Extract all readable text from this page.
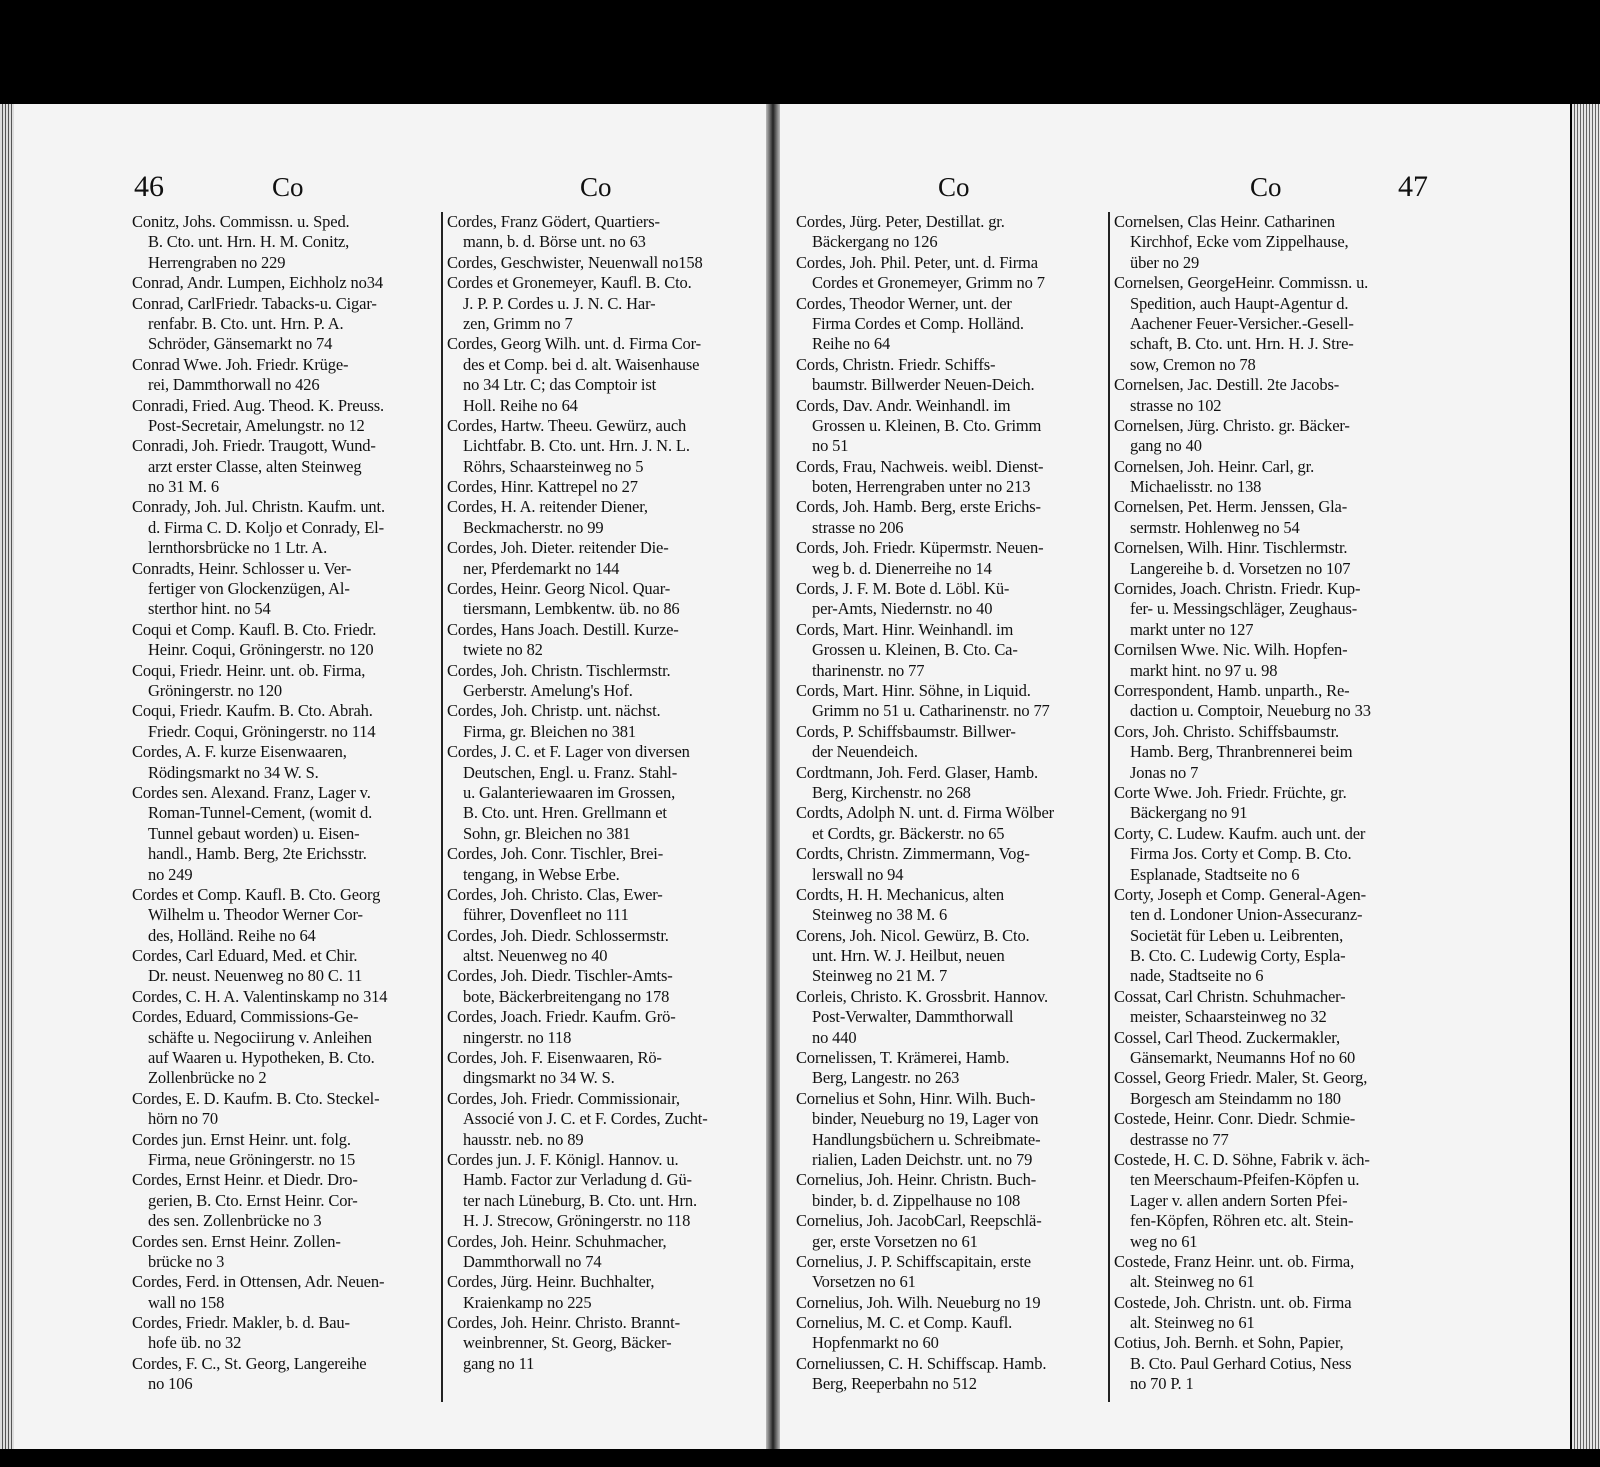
46	Co	Co	Co	Co	47
Conitz, Johs. Commissn. u. Sped.
B. Cto. unt. Hrn. H. M. Conitz,
Herrengraben no 229
Conrad, Andr. Lumpen, Eichholz no34
Conrad, CarlFriedr. Tabacks-u. Cigar-
renfabr. B. Cto. unt. Hrn. P. A.
Schröder, Gänsemarkt no 74
Conrad Wwe. Joh. Friedr. Krüge-
rei, Dammthorwall no 426
Conradi, Fried. Aug. Theod. K. Preuss.
Post-Secretair, Amelungstr. no 12
Conradi, Joh. Friedr. Traugott, Wund-
arzt erster Classe, alten Steinweg
no 31 M. 6
Conrady, Joh. Jul. Christn. Kaufm. unt.
d. Firma C. D. Koljo et Conrady, El-
lernthorsbrücke no 1 Ltr. A.
Conradts, Heinr. Schlosser u. Ver-
fertiger von Glockenzügen, Al-
sterthor hint. no 54
Coqui et Comp. Kaufl. B. Cto. Friedr.
Heinr. Coqui, Gröningerstr. no 120
Coqui, Friedr. Heinr. unt. ob. Firma,
Gröningerstr. no 120
Coqui, Friedr. Kaufm. B. Cto. Abrah.
Friedr. Coqui, Gröningerstr. no 114
Cordes, A. F. kurze Eisenwaaren,
Rödingsmarkt no 34 W. S.
Cordes sen. Alexand. Franz, Lager v.
Roman-Tunnel-Cement, (womit d.
Tunnel gebaut worden) u. Eisen-
handl., Hamb. Berg, 2te Erichsstr.
no 249
Cordes et Comp. Kaufl. B. Cto. Georg
Wilhelm u. Theodor Werner Cor-
des, Holländ. Reihe no 64
Cordes, Carl Eduard, Med. et Chir.
Dr. neust. Neuenweg no 80 C. 11
Cordes, C. H. A. Valentinskamp no 314
Cordes, Eduard, Commissions-Ge-
schäfte u. Negociirung v. Anleihen
auf Waaren u. Hypotheken, B. Cto.
Zollenbrücke no 2
Cordes, E. D. Kaufm. B. Cto. Steckel-
hörn no 70
Cordes jun. Ernst Heinr. unt. folg.
Firma, neue Gröningerstr. no 15
Cordes, Ernst Heinr. et Diedr. Dro-
gerien, B. Cto. Ernst Heinr. Cor-
des sen. Zollenbrücke no 3
Cordes sen. Ernst Heinr. Zollen-
brücke no 3
Cordes, Ferd. in Ottensen, Adr. Neuen-
wall no 158
Cordes, Friedr. Makler, b. d. Bau-
hofe üb. no 32
Cordes, F. C., St. Georg, Langereihe
no 106
Cordes, Franz Gödert, Quartiers-
mann, b. d. Börse unt. no 63
Cordes, Geschwister, Neuenwall no158
Cordes et Gronemeyer, Kaufl. B. Cto.
J. P. P. Cordes u. J. N. C. Har-
zen, Grimm no 7
Cordes, Georg Wilh. unt. d. Firma Cor-
des et Comp. bei d. alt. Waisenhause
no 34 Ltr. C; das Comptoir ist
Holl. Reihe no 64
Cordes, Hartw. Theeu. Gewürz, auch
Lichtfabr. B. Cto. unt. Hrn. J. N. L.
Röhrs, Schaarsteinweg no 5
Cordes, Hinr. Kattrepel no 27
Cordes, H. A. reitender Diener,
Beckmacherstr. no 99
Cordes, Joh. Dieter. reitender Die-
ner, Pferdemarkt no 144
Cordes, Heinr. Georg Nicol. Quar-
tiersmann, Lembkentw. üb. no 86
Cordes, Hans Joach. Destill. Kurze-
twiete no 82
Cordes, Joh. Christn. Tischlermstr.
Gerberstr. Amelung's Hof.
Cordes, Joh. Christp. unt. nächst.
Firma, gr. Bleichen no 381
Cordes, J. C. et F. Lager von diversen
Deutschen, Engl. u. Franz. Stahl-
u. Galanteriewaaren im Grossen,
B. Cto. unt. Hren. Grellmann et
Sohn, gr. Bleichen no 381
Cordes, Joh. Conr. Tischler, Brei-
tengang, in Webse Erbe.
Cordes, Joh. Christo. Clas, Ewer-
führer, Dovenfleet no 111
Cordes, Joh. Diedr. Schlossermstr.
altst. Neuenweg no 40
Cordes, Joh. Diedr. Tischler-Amts-
bote, Bäckerbreitengang no 178
Cordes, Joach. Friedr. Kaufm. Grö-
ningerstr. no 118
Cordes, Joh. F. Eisenwaaren, Rö-
dingsmarkt no 34 W. S.
Cordes, Joh. Friedr. Commissionair,
Associé von J. C. et F. Cordes, Zucht-
hausstr. neb. no 89
Cordes jun. J. F. Königl. Hannov. u.
Hamb. Factor zur Verladung d. Gü-
ter nach Lüneburg, B. Cto. unt. Hrn.
H. J. Strecow, Gröningerstr. no 118
Cordes, Joh. Heinr. Schuhmacher,
Dammthorwall no 74
Cordes, Jürg. Heinr. Buchhalter,
Kraienkamp no 225
Cordes, Joh. Heinr. Christo. Brannt-
weinbrenner, St. Georg, Bäcker-
gang no 11
Cordes, Jürg. Peter, Destillat. gr.
Bäckergang no 126
Cordes, Joh. Phil. Peter, unt. d. Firma
Cordes et Gronemeyer, Grimm no 7
Cordes, Theodor Werner, unt. der
Firma Cordes et Comp. Holländ.
Reihe no 64
Cords, Christn. Friedr. Schiffs-
baumstr. Billwerder Neuen-Deich.
Cords, Dav. Andr. Weinhandl. im
Grossen u. Kleinen, B. Cto. Grimm
no 51
Cords, Frau, Nachweis. weibl. Dienst-
boten, Herrengraben unter no 213
Cords, Joh. Hamb. Berg, erste Erichs-
strasse no 206
Cords, Joh. Friedr. Küpermstr. Neuen-
weg b. d. Dienerreihe no 14
Cords, J. F. M. Bote d. Löbl. Kü-
per-Amts, Niedernstr. no 40
Cords, Mart. Hinr. Weinhandl. im
Grossen u. Kleinen, B. Cto. Ca-
tharinenstr. no 77
Cords, Mart. Hinr. Söhne, in Liquid.
Grimm no 51 u. Catharinenstr. no 77
Cords, P. Schiffsbaumstr. Billwer-
der Neuendeich.
Cordtmann, Joh. Ferd. Glaser, Hamb.
Berg, Kirchenstr. no 268
Cordts, Adolph N. unt. d. Firma Wölber
et Cordts, gr. Bäckerstr. no 65
Cordts, Christn. Zimmermann, Vog-
lerswall no 94
Cordts, H. H. Mechanicus, alten
Steinweg no 38 M. 6
Corens, Joh. Nicol. Gewürz, B. Cto.
unt. Hrn. W. J. Heilbut, neuen
Steinweg no 21 M. 7
Corleis, Christo. K. Grossbrit. Hannov.
Post-Verwalter, Dammthorwall
no 440
Cornelissen, T. Krämerei, Hamb.
Berg, Langestr. no 263
Cornelius et Sohn, Hinr. Wilh. Buch-
binder, Neueburg no 19, Lager von
Handlungsbüchern u. Schreibmate-
rialien, Laden Deichstr. unt. no 79
Cornelius, Joh. Heinr. Christn. Buch-
binder, b. d. Zippelhause no 108
Cornelius, Joh. JacobCarl, Reepschlä-
ger, erste Vorsetzen no 61
Cornelius, J. P. Schiffscapitain, erste
Vorsetzen no 61
Cornelius, Joh. Wilh. Neueburg no 19
Cornelius, M. C. et Comp. Kaufl.
Hopfenmarkt no 60
Corneliussen, C. H. Schiffscap. Hamb.
Berg, Reeperbahn no 512
Cornelsen, Clas Heinr. Catharinen
Kirchhof, Ecke vom Zippelhause,
über no 29
Cornelsen, GeorgeHeinr. Commissn. u.
Spedition, auch Haupt-Agentur d.
Aachener Feuer-Versicher.-Gesell-
schaft, B. Cto. unt. Hrn. H. J. Stre-
sow, Cremon no 78
Cornelsen, Jac. Destill. 2te Jacobs-
strasse no 102
Cornelsen, Jürg. Christo. gr. Bäcker-
gang no 40
Cornelsen, Joh. Heinr. Carl, gr.
Michaelisstr. no 138
Cornelsen, Pet. Herm. Jenssen, Gla-
sermstr. Hohlenweg no 54
Cornelsen, Wilh. Hinr. Tischlermstr.
Langereihe b. d. Vorsetzen no 107
Cornides, Joach. Christn. Friedr. Kup-
fer- u. Messingschläger, Zeughaus-
markt unter no 127
Cornilsen Wwe. Nic. Wilh. Hopfen-
markt hint. no 97 u. 98
Correspondent, Hamb. unparth., Re-
daction u. Comptoir, Neueburg no 33
Cors, Joh. Christo. Schiffsbaumstr.
Hamb. Berg, Thranbrennerei beim
Jonas no 7
Corte Wwe. Joh. Friedr. Früchte, gr.
Bäckergang no 91
Corty, C. Ludew. Kaufm. auch unt. der
Firma Jos. Corty et Comp. B. Cto.
Esplanade, Stadtseite no 6
Corty, Joseph et Comp. General-Agen-
ten d. Londoner Union-Assecuranz-
Societät für Leben u. Leibrenten,
B. Cto. C. Ludewig Corty, Espla-
nade, Stadtseite no 6
Cossat, Carl Christn. Schuhmacher-
meister, Schaarsteinweg no 32
Cossel, Carl Theod. Zuckermakler,
Gänsemarkt, Neumanns Hof no 60
Cossel, Georg Friedr. Maler, St. Georg,
Borgesch am Steindamm no 180
Costede, Heinr. Conr. Diedr. Schmie-
destrasse no 77
Costede, H. C. D. Söhne, Fabrik v. äch-
ten Meerschaum-Pfeifen-Köpfen u.
Lager v. allen andern Sorten Pfei-
fen-Köpfen, Röhren etc. alt. Stein-
weg no 61
Costede, Franz Heinr. unt. ob. Firma,
alt. Steinweg no 61
Costede, Joh. Christn. unt. ob. Firma
alt. Steinweg no 61
Cotius, Joh. Bernh. et Sohn, Papier,
B. Cto. Paul Gerhard Cotius, Ness
no 70 P. 1
